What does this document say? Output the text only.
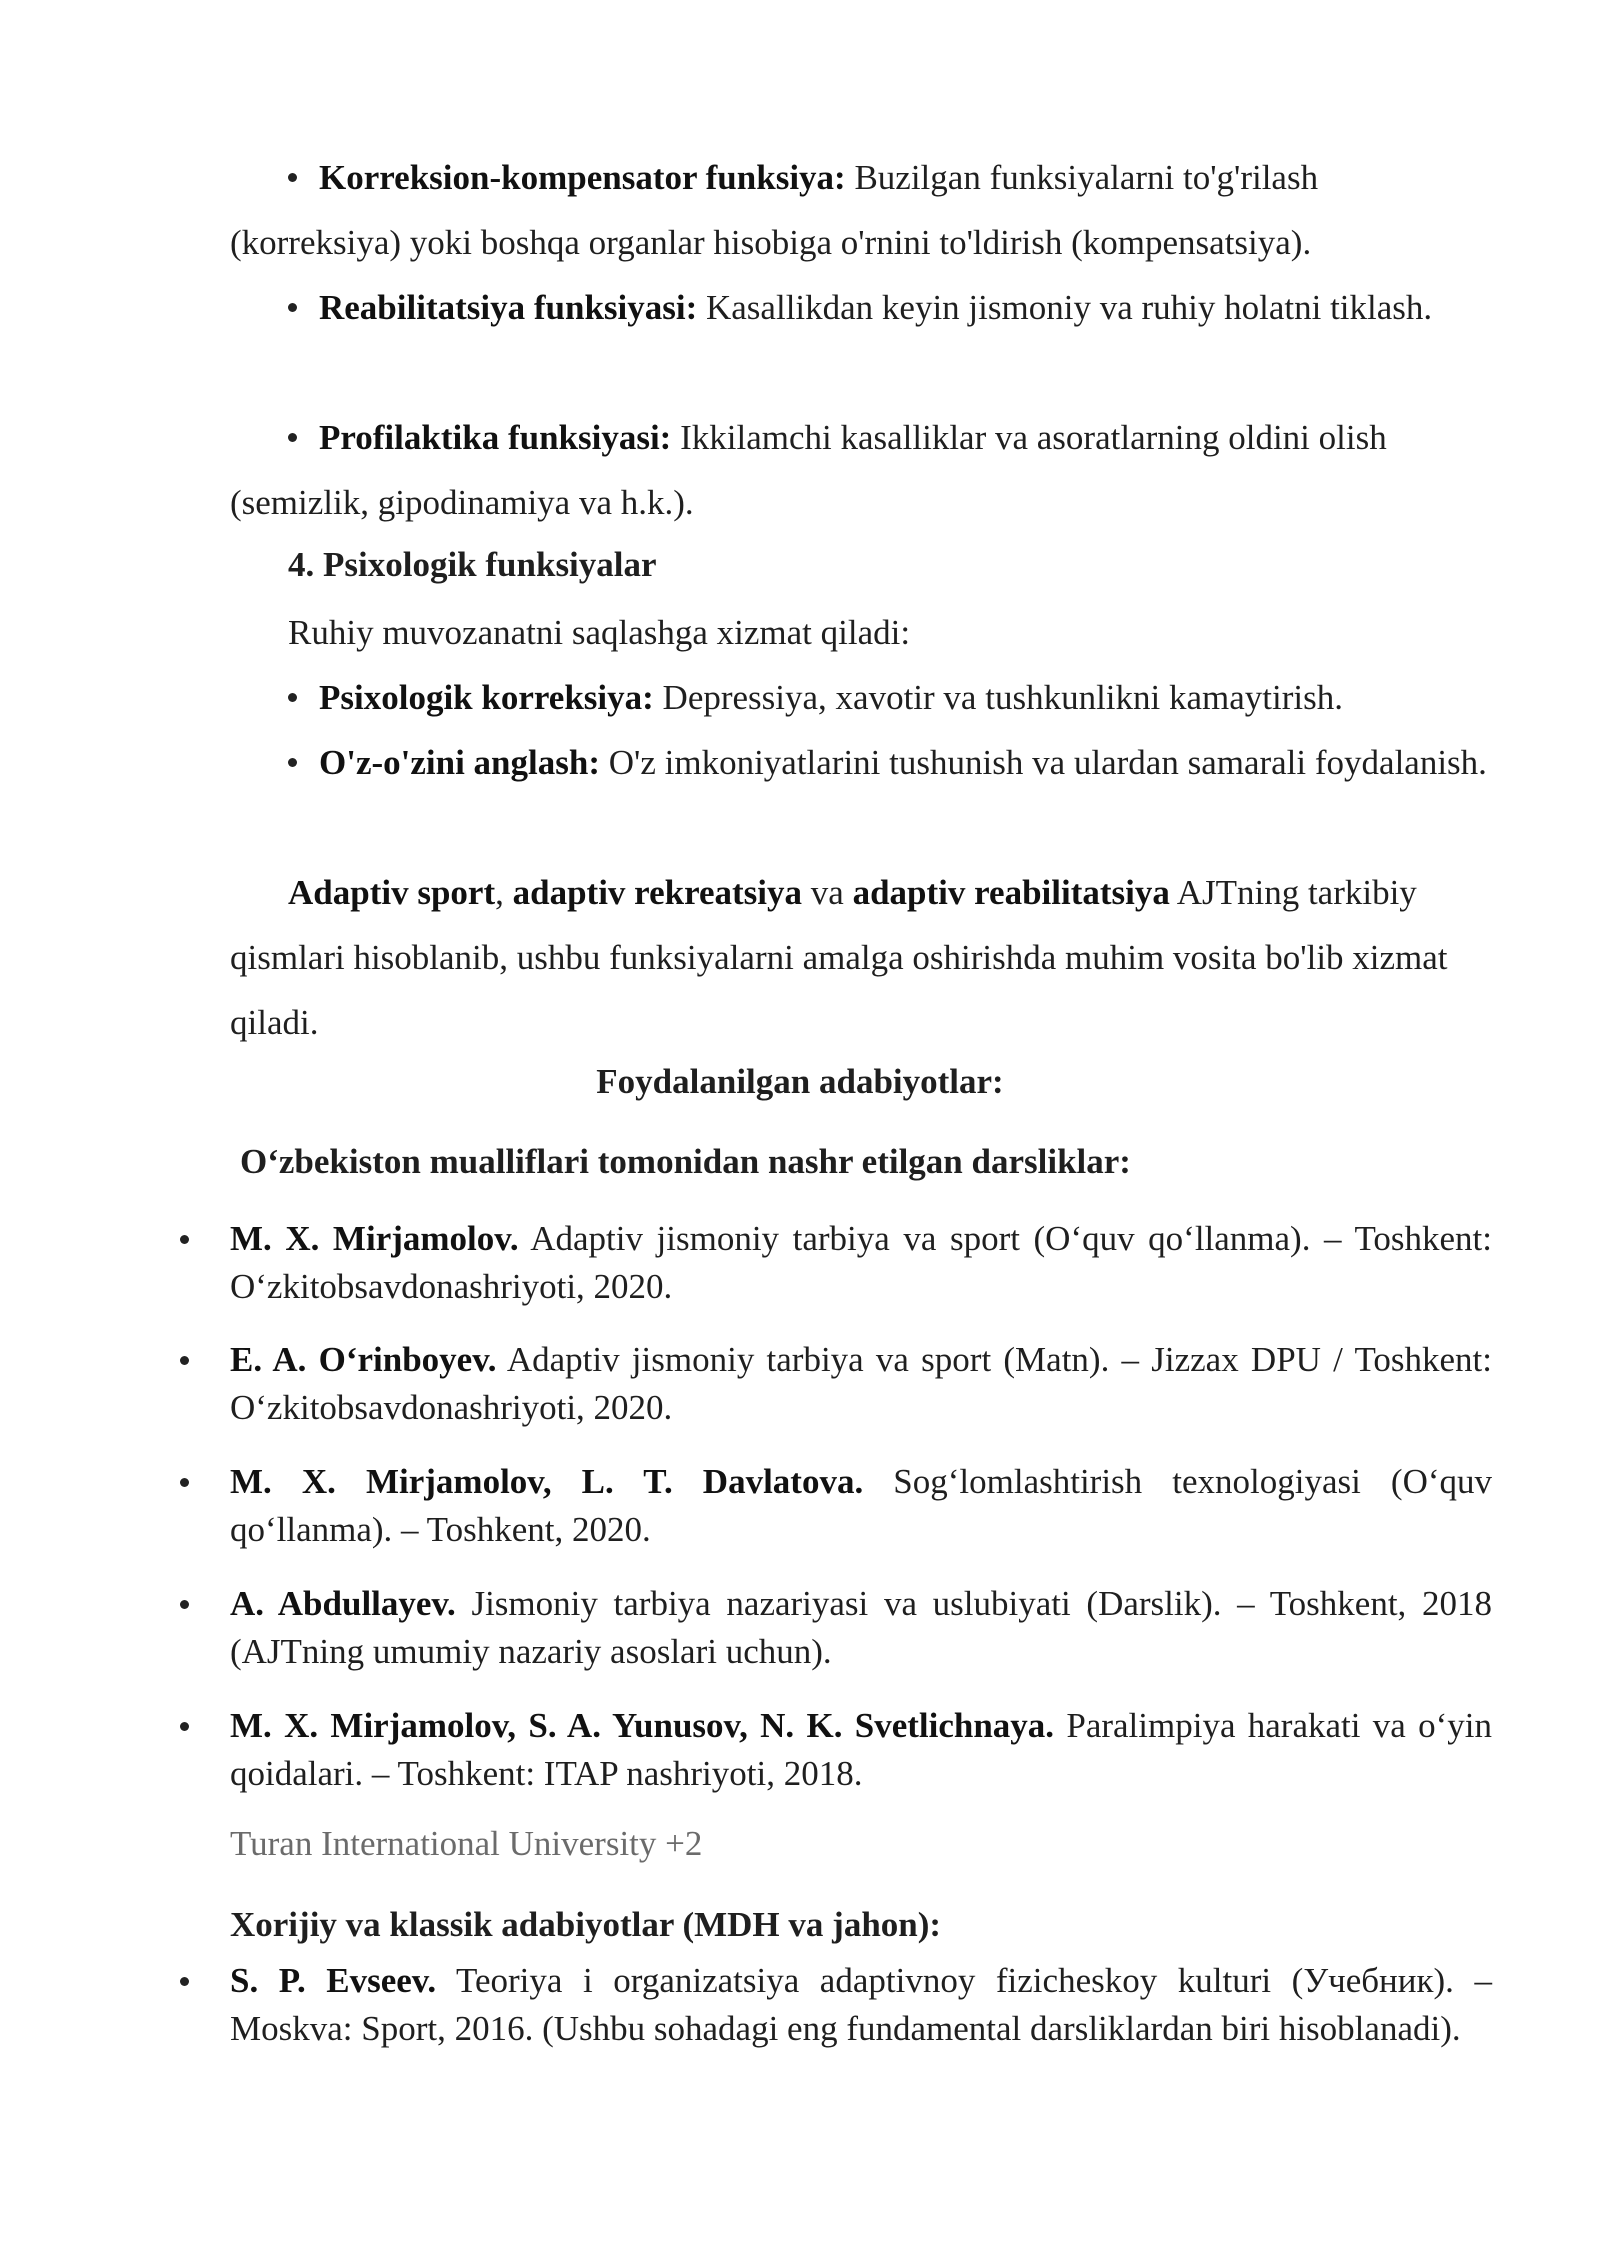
Korreksion-kompensator funksiya: Buzilgan funksiyalarni to'g'rilash (korreksiya) yoki boshqa organlar hisobiga o'rnini to'ldirish (kompensatsiya).

Reabilitatsiya funksiyasi: Kasallikdan keyin jismoniy va ruhiy holatni tiklash.

Profilaktika funksiyasi: Ikkilamchi kasalliklar va asoratlarning oldini olish (semizlik, gipodinamiya va h.k.).

4. Psixologik funksiyalar

Ruhiy muvozanatni saqlashga xizmat qiladi:

Psixologik korreksiya: Depressiya, xavotir va tushkunlikni kamaytirish.

O'z-o'zini anglash: O'z imkoniyatlarini tushunish va ulardan samarali foydalanish.

Adaptiv sport, adaptiv rekreatsiya va adaptiv reabilitatsiya AJTning tarkibiy qismlari hisoblanib, ushbu funksiyalarni amalga oshirishda muhim vosita bo'lib xizmat qiladi.

Foydalanilgan adabiyotlar:

O‘zbekiston mualliflari tomonidan nashr etilgan darsliklar:

M. X. Mirjamolov. Adaptiv jismoniy tarbiya va sport (O‘quv qo‘llanma). – Toshkent: O‘zkitobsavdonashriyoti, 2020.

E. A. O‘rinboyev. Adaptiv jismoniy tarbiya va sport (Matn). – Jizzax DPU / Toshkent: O‘zkitobsavdonashriyoti, 2020.

M. X. Mirjamolov, L. T. Davlatova. Sog‘lomlashtirish texnologiyasi (O‘quv qo‘llanma). – Toshkent, 2020.

A. Abdullayev. Jismoniy tarbiya nazariyasi va uslubiyati (Darslik). – Toshkent, 2018 (AJTning umumiy nazariy asoslari uchun).

M. X. Mirjamolov, S. A. Yunusov, N. K. Svetlichnaya. Paralimpiya harakati va o‘yin qoidalari. – Toshkent: ITAP nashriyoti, 2018.

Turan International University +2

Xorijiy va klassik adabiyotlar (MDH va jahon):

S. P. Evseev. Teoriya i organizatsiya adaptivnoy fizicheskoy kulturi (Учебник). – Moskva: Sport, 2016. (Ushbu sohadagi eng fundamental darsliklardan biri hisoblanadi).
